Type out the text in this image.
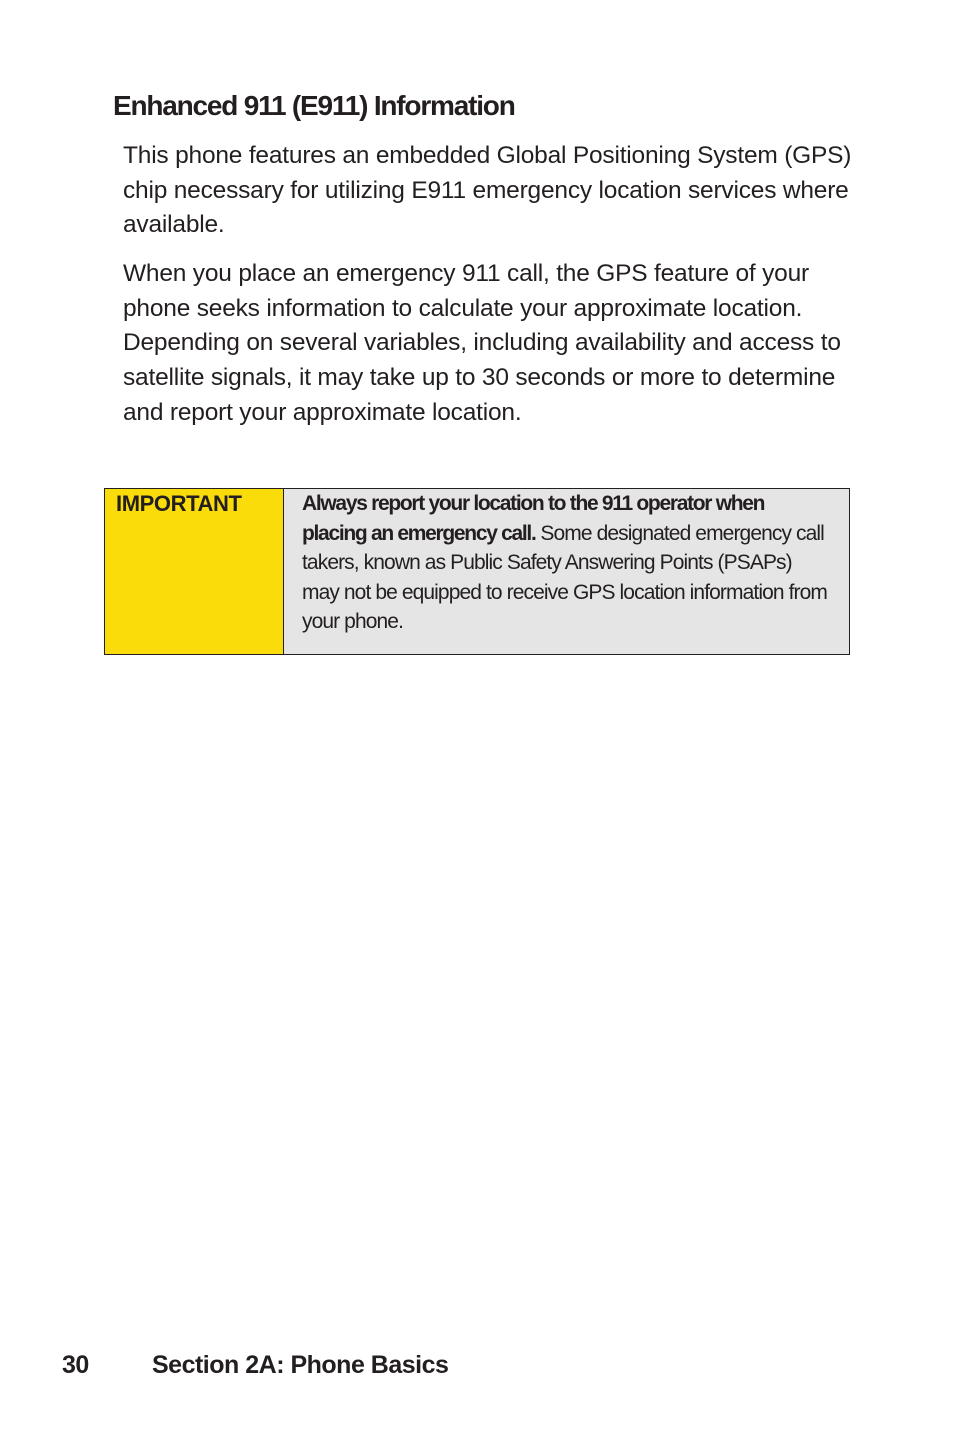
Enhanced 911 (E911) Information

This phone features an embedded Global Positioning System (GPS) chip necessary for utilizing E911 emergency location services where available.

When you place an emergency 911 call, the GPS feature of your phone seeks information to calculate your approximate location. Depending on several variables, including availability and access to satellite signals, it may take up to 30 seconds or more to determine and report your approximate location.

IMPORTANT	Always report your location to the 911 operator when placing an emergency call. Some designated emergency call takers, known as Public Safety Answering Points (PSAPs) may not be equipped to receive GPS location information from your phone.

30	Section 2A: Phone Basics
